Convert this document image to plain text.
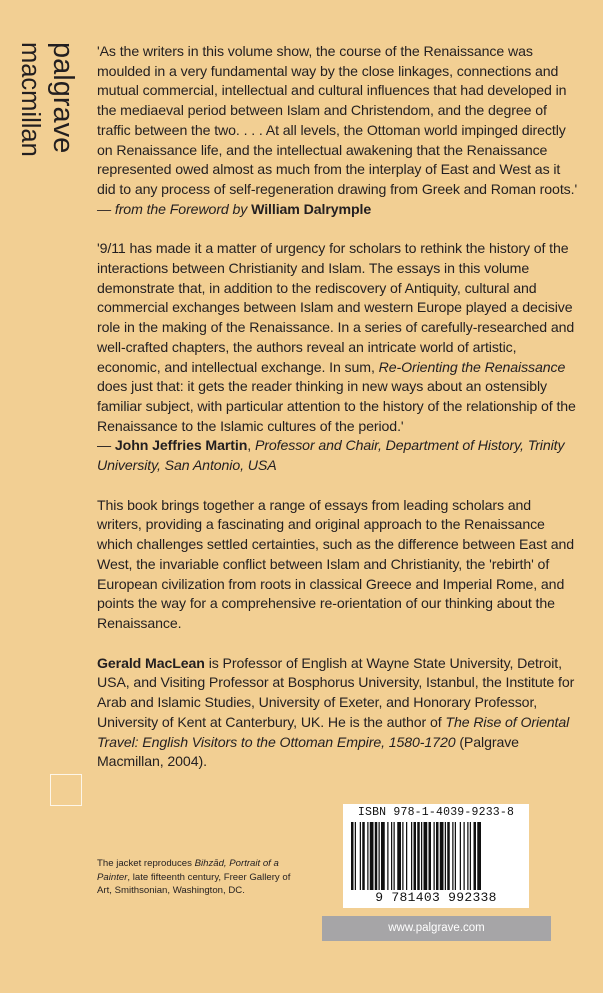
palgrave
macmillan	'As the writers in this volume show, the course of the Renaissance was moulded in a very fundamental way by the close linkages, connections and mutual commercial, intellectual and cultural influences that had developed in the mediaeval period between Islam and Christendom, and the degree of traffic between the two. . . . At all levels, the Ottoman world impinged directly on Renaissance life, and the intellectual awakening that the Renaissance represented owed almost as much from the interplay of East and West as it did to any process of self-regeneration drawing from Greek and Roman roots.'

— from the Foreword by William Dalrymple

'9/11 has made it a matter of urgency for scholars to rethink the history of the interactions between Christianity and Islam. The essays in this volume demonstrate that, in addition to the rediscovery of Antiquity, cultural and commercial exchanges between Islam and western Europe played a decisive role in the making of the Renaissance. In a series of carefully-researched and well-crafted chapters, the authors reveal an intricate world of artistic, economic, and intellectual exchange. In sum, Re-Orienting the Renaissance does just that: it gets the reader thinking in new ways about an ostensibly familiar subject, with particular attention to the history of the relationship of the Renaissance to the Islamic cultures of the period.'

— John Jeffries Martin, Professor and Chair, Department of History, Trinity University, San Antonio, USA

This book brings together a range of essays from leading scholars and writers, providing a fascinating and original approach to the Renaissance which challenges settled certainties, such as the difference between East and West, the invariable conflict between Islam and Christianity, the 'rebirth' of European civilization from roots in classical Greece and Imperial Rome, and points the way for a comprehensive re-orientation of our thinking about the Renaissance.

Gerald MacLean is Professor of English at Wayne State University, Detroit, USA, and Visiting Professor at Bosphorus University, Istanbul, the Institute for Arab and Islamic Studies, University of Exeter, and Honorary Professor, University of Kent at Canterbury, UK. He is the author of The Rise of Oriental Travel: English Visitors to the Ottoman Empire, 1580-1720 (Palgrave Macmillan, 2004).

The jacket reproduces Bihzād, Portrait of a Painter, late fifteenth century, Freer Gallery of Art, Smithsonian, Washington, DC.
ISBN 978-1-4039-9233-8
9 781403 992338
www.palgrave.com
